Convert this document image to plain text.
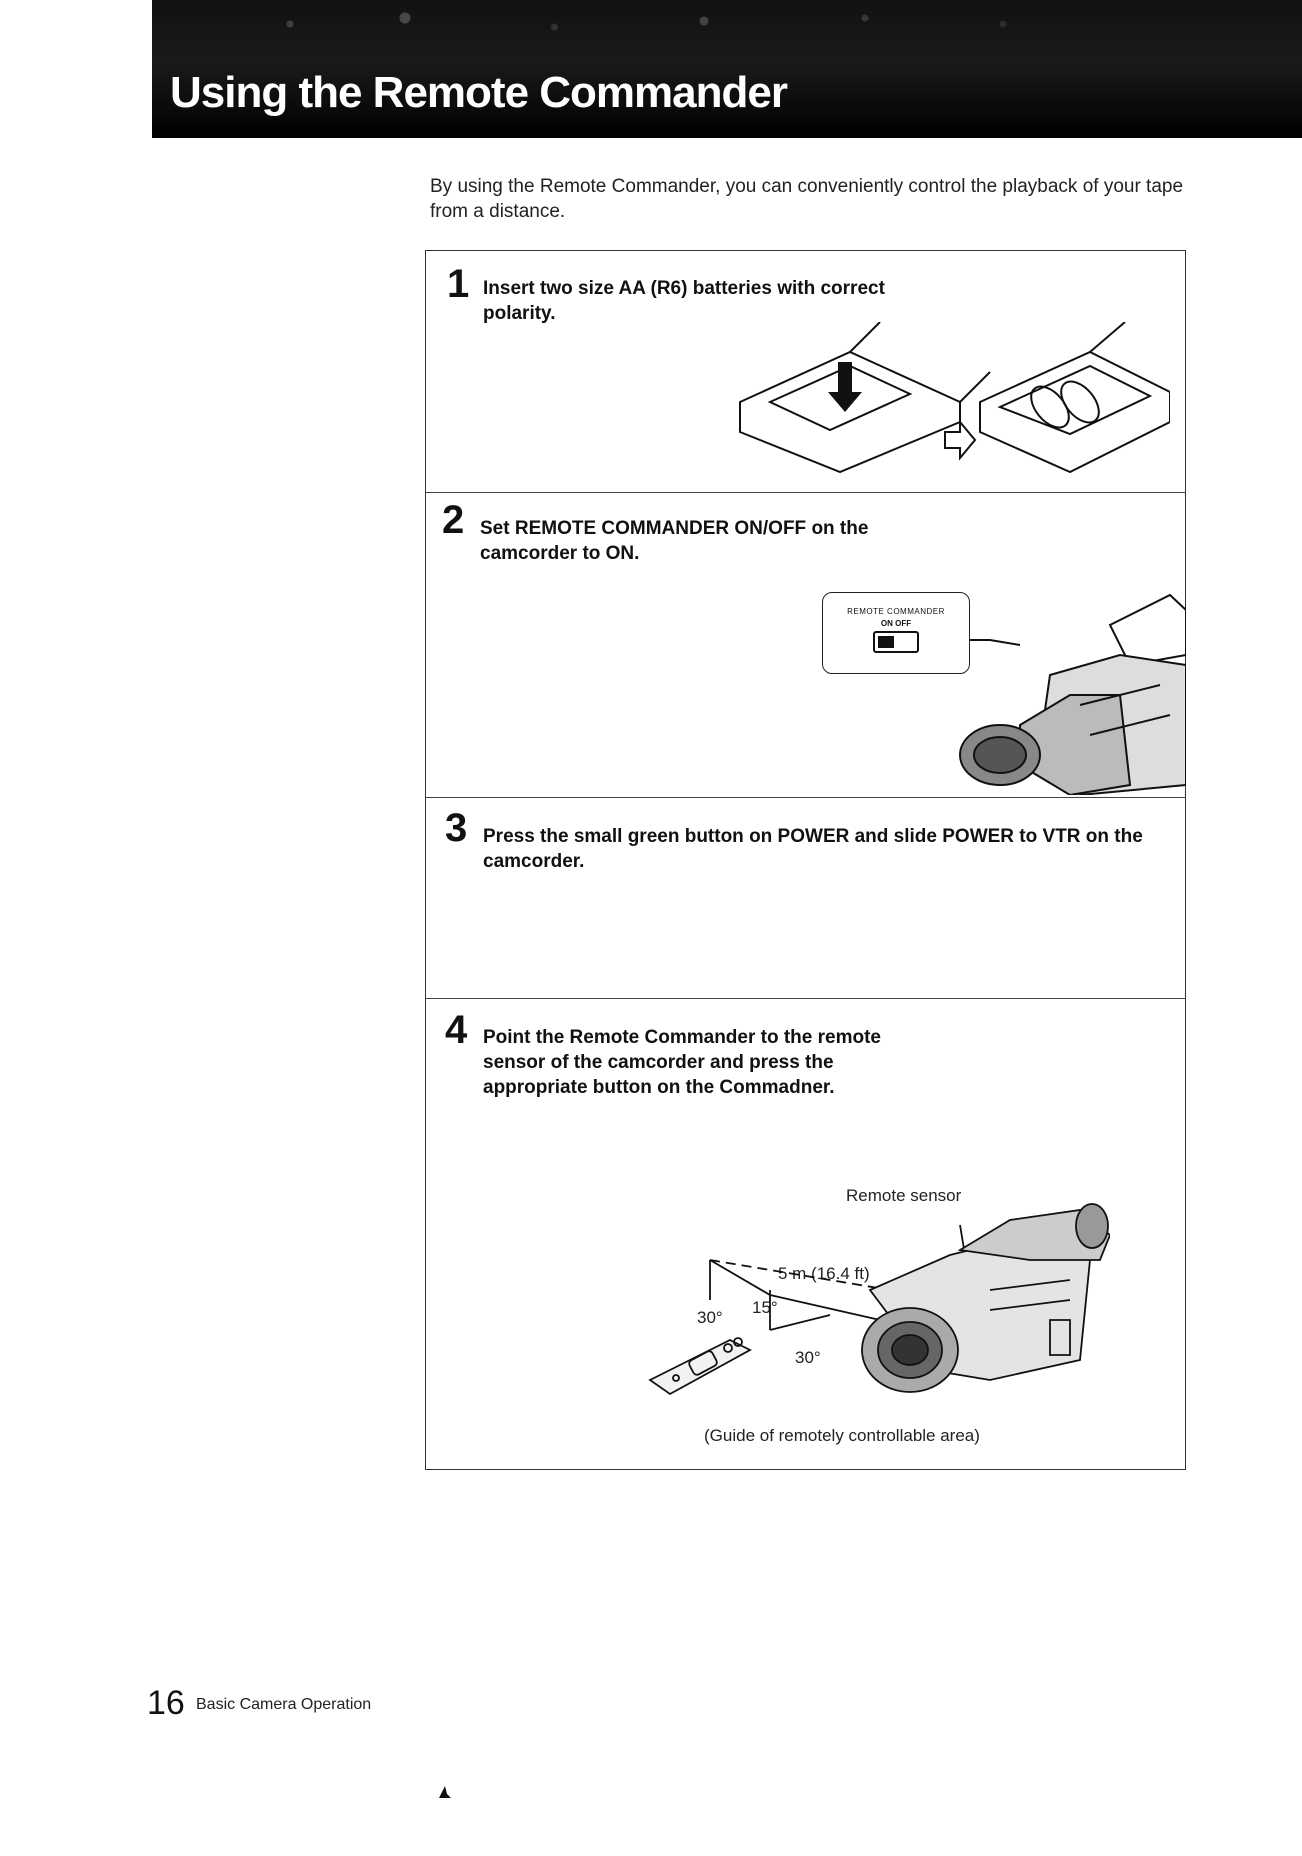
Using the Remote Commander
By using the Remote Commander, you can conveniently control the playback of your tape from a distance.
1 Insert two size AA (R6) batteries with correct polarity.
2 Set REMOTE COMMANDER ON/OFF on the camcorder to ON.
REMOTE COMMANDER
ON OFF
3 Press the small green button on POWER and slide POWER to VTR on the camcorder.
4 Point the Remote Commander to the remote sensor of the camcorder and press the appropriate button on the Commadner.
Remote sensor
5 m (16.4 ft)
30°
15°
30°
(Guide of remotely controllable area)
16 Basic Camera Operation
